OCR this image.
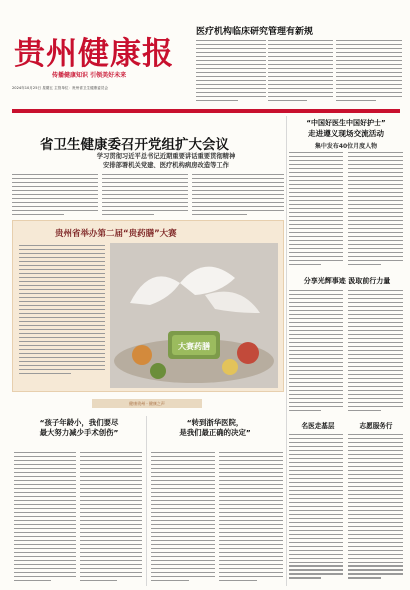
贵州健康报
传播健康知识 引领美好未来
2024年10月25日 星期五 主管单位：贵州省卫生健康委员会
医疗机构临床研究管理有新规
省卫生健康委召开党组扩大会议
学习贯彻习近平总书记近期重要讲话重要贯彻精神
安排部署机关党建、医疗机构病房改造等工作
贵州省举办第二届“贵药膳”大赛
大赛药膳
“中国好医生中国好护士”
走进遵义现场交流活动
集中发布40位月度人物
分享光辉事迹 汲取前行力量
名医走基层	志愿服务行
健康贵州 · 健康之声
“孩子年龄小，我们要尽
最大努力减少手术创伤”
“转到浙华医院，
是我们最正确的决定”
